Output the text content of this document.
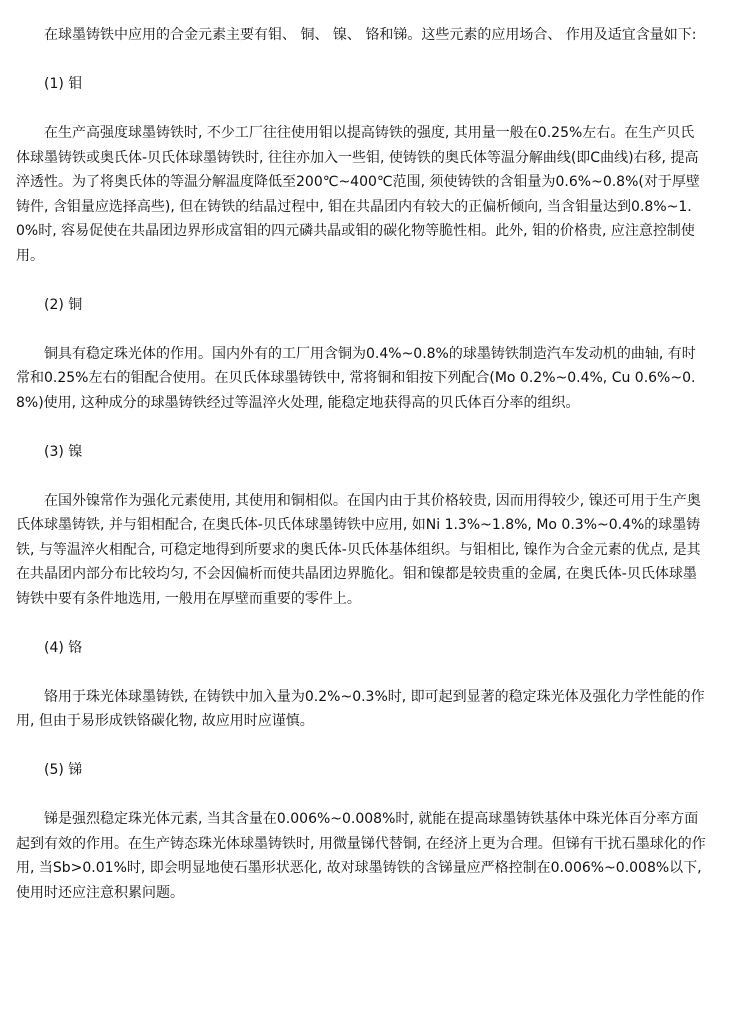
在球墨铸铁中应用的合金元素主要有钼、 铜、 镍、 铬和锑。这些元素的应用场合、 作用及适宜含量如下:

(1) 钼

在生产高强度球墨铸铁时, 不少工厂往往使用钼以提高铸铁的强度, 其用量一般在0.25%左右。在生产贝氏体球墨铸铁或奥氏体-贝氏体球墨铸铁时, 往往亦加入一些钼, 使铸铁的奥氏体等温分解曲线(即C曲线)右移, 提高淬透性。为了将奥氏体的等温分解温度降低至200℃~400℃范围, 须使铸铁的含钼量为0.6%~0.8%(对于厚壁铸件, 含钼量应选择高些), 但在铸铁的结晶过程中, 钼在共晶团内有较大的正偏析倾向, 当含钼量达到0.8%~1.0%时, 容易促使在共晶团边界形成富钼的四元磷共晶或钼的碳化物等脆性相。此外, 钼的价格贵, 应注意控制使用。

(2) 铜

铜具有稳定珠光体的作用。国内外有的工厂用含铜为0.4%~0.8%的球墨铸铁制造汽车发动机的曲轴, 有时常和0.25%左右的钼配合使用。在贝氏体球墨铸铁中, 常将铜和钼按下列配合(Mo 0.2%~0.4%, Cu 0.6%~0.8%)使用, 这种成分的球墨铸铁经过等温淬火处理, 能稳定地获得高的贝氏体百分率的组织。

(3) 镍

在国外镍常作为强化元素使用, 其使用和铜相似。在国内由于其价格较贵, 因而用得较少, 镍还可用于生产奥氏体球墨铸铁, 并与钼相配合, 在奥氏体-贝氏体球墨铸铁中应用, 如Ni 1.3%~1.8%, Mo 0.3%~0.4%的球墨铸铁, 与等温淬火相配合, 可稳定地得到所要求的奥氏体-贝氏体基体组织。与钼相比, 镍作为合金元素的优点, 是其在共晶团内部分布比较均匀, 不会因偏析而使共晶团边界脆化。钼和镍都是较贵重的金属, 在奥氏体-贝氏体球墨铸铁中要有条件地选用, 一般用在厚壁而重要的零件上。

(4) 铬

铬用于珠光体球墨铸铁, 在铸铁中加入量为0.2%~0.3%时, 即可起到显著的稳定珠光体及强化力学性能的作用, 但由于易形成铁铬碳化物, 故应用时应谨慎。

(5) 锑

锑是强烈稳定珠光体元素, 当其含量在0.006%~0.008%时, 就能在提高球墨铸铁基体中珠光体百分率方面起到有效的作用。在生产铸态珠光体球墨铸铁时, 用微量锑代替铜, 在经济上更为合理。但锑有干扰石墨球化的作用, 当Sb>0.01%时, 即会明显地使石墨形状恶化, 故对球墨铸铁的含锑量应严格控制在0.006%~0.008%以下, 使用时还应注意积累问题。
